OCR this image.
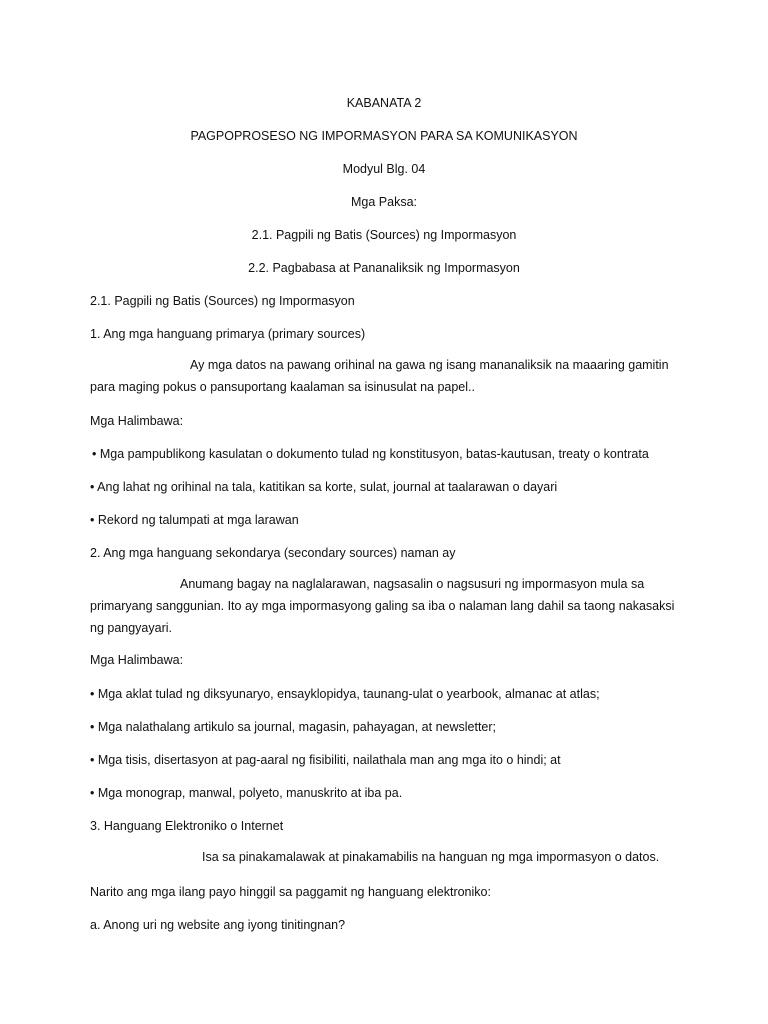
KABANATA 2

PAGPOPROSESO NG IMPORMASYON PARA SA KOMUNIKASYON

Modyul Blg. 04

Mga Paksa:

2.1. Pagpili ng Batis (Sources) ng Impormasyon

2.2. Pagbabasa at Pananaliksik ng Impormasyon

2.1. Pagpili ng Batis (Sources) ng Impormasyon

1. Ang mga hanguang primarya (primary sources)

Ay mga datos na pawang orihinal na gawa ng isang mananaliksik na maaaring gamitin para maging pokus o pansuportang kaalaman sa isinusulat na papel..

Mga Halimbawa:

• Mga pampublikong kasulatan o dokumento tulad ng konstitusyon, batas-kautusan, treaty o kontrata

• Ang lahat ng orihinal na tala, katitikan sa korte, sulat, journal at taalarawan o dayari

• Rekord ng talumpati at mga larawan

2. Ang mga hanguang sekondarya (secondary sources) naman ay

Anumang bagay na naglalarawan, nagsasalin o nagsusuri ng impormasyon mula sa primaryang sanggunian. Ito ay mga impormasyong galing sa iba o nalaman lang dahil sa taong nakasaksi ng pangyayari.

Mga Halimbawa:

• Mga aklat tulad ng diksyunaryo, ensayklopidya, taunang-ulat o yearbook, almanac at atlas;

• Mga nalathalang artikulo sa journal, magasin, pahayagan, at newsletter;

• Mga tisis, disertasyon at pag-aaral ng fisibiliti, nailathala man ang mga ito o hindi; at

• Mga monograp, manwal, polyeto, manuskrito at iba pa.

3. Hanguang Elektroniko o Internet

Isa sa pinakamalawak at pinakamabilis na hanguan ng mga impormasyon o datos.

Narito ang mga ilang payo hinggil sa paggamit ng hanguang elektroniko:

a. Anong uri ng website ang iyong tinitingnan?
